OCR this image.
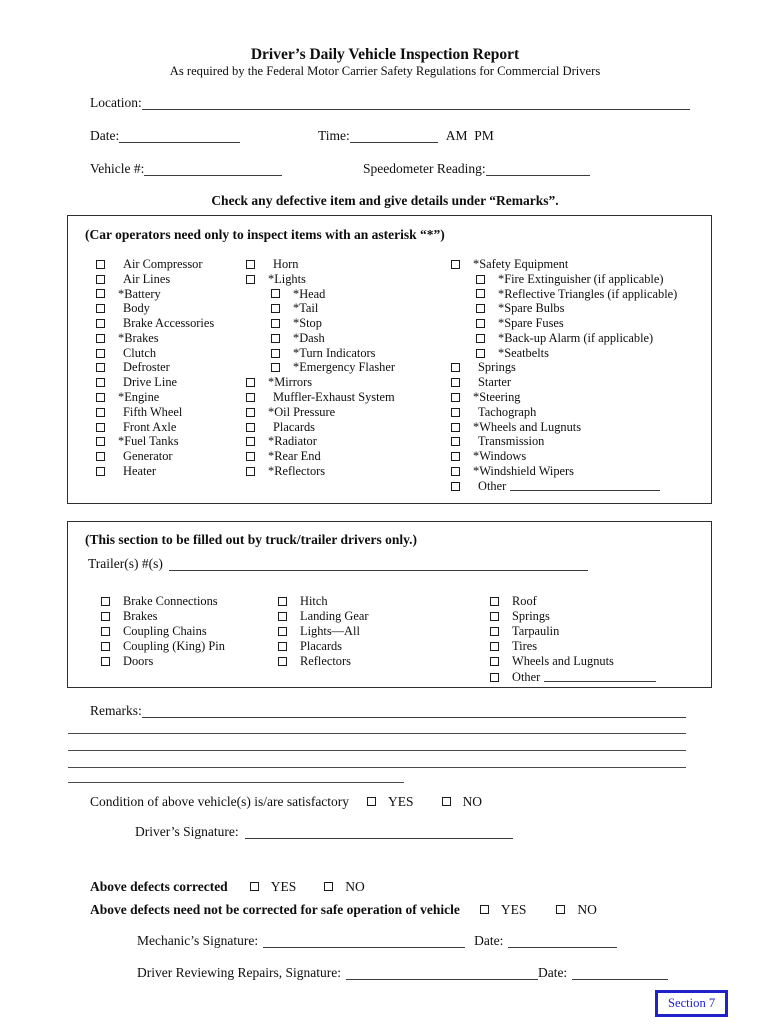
Driver’s Daily Vehicle Inspection Report
As required by the Federal Motor Carrier Safety Regulations for Commercial Drivers
Location:
Date:	Time:	AM  PM
Vehicle #:	Speedometer Reading:
Check any defective item and give details under “Remarks”.
(Car operators need only to inspect items with an asterisk “*”)
Air Compressor
Air Lines
*Battery
Body
Brake Accessories
*Brakes
Clutch
Defroster
Drive Line
*Engine
Fifth Wheel
Front Axle
*Fuel Tanks
Generator
Heater
Horn
*Lights
*Head
*Tail
*Stop
*Dash
*Turn Indicators
*Emergency Flasher
*Mirrors
Muffler-Exhaust System
*Oil Pressure
Placards
*Radiator
*Rear End
*Reflectors
*Safety Equipment
*Fire Extinguisher (if applicable)
*Reflective Triangles (if applicable)
*Spare Bulbs
*Spare Fuses
*Back-up Alarm (if applicable)
*Seatbelts
Springs
Starter
*Steering
Tachograph
*Wheels and Lugnuts
Transmission
*Windows
*Windshield Wipers
Other
(This section to be filled out by truck/trailer drivers only.)
Trailer(s) #(s)
Brake Connections
Brakes
Coupling Chains
Coupling (King) Pin
Doors
Hitch
Landing Gear
Lights—All
Placards
Reflectors
Roof
Springs
Tarpaulin
Tires
Wheels and Lugnuts
Other
Remarks:
Condition of above vehicle(s) is/are satisfactory	YES	NO
Driver’s Signature:
Above defects corrected	YES	NO
Above defects need not be corrected for safe operation of vehicle	YES	NO
Mechanic’s Signature:	Date:
Driver Reviewing Repairs, Signature:	Date:
Section 7
